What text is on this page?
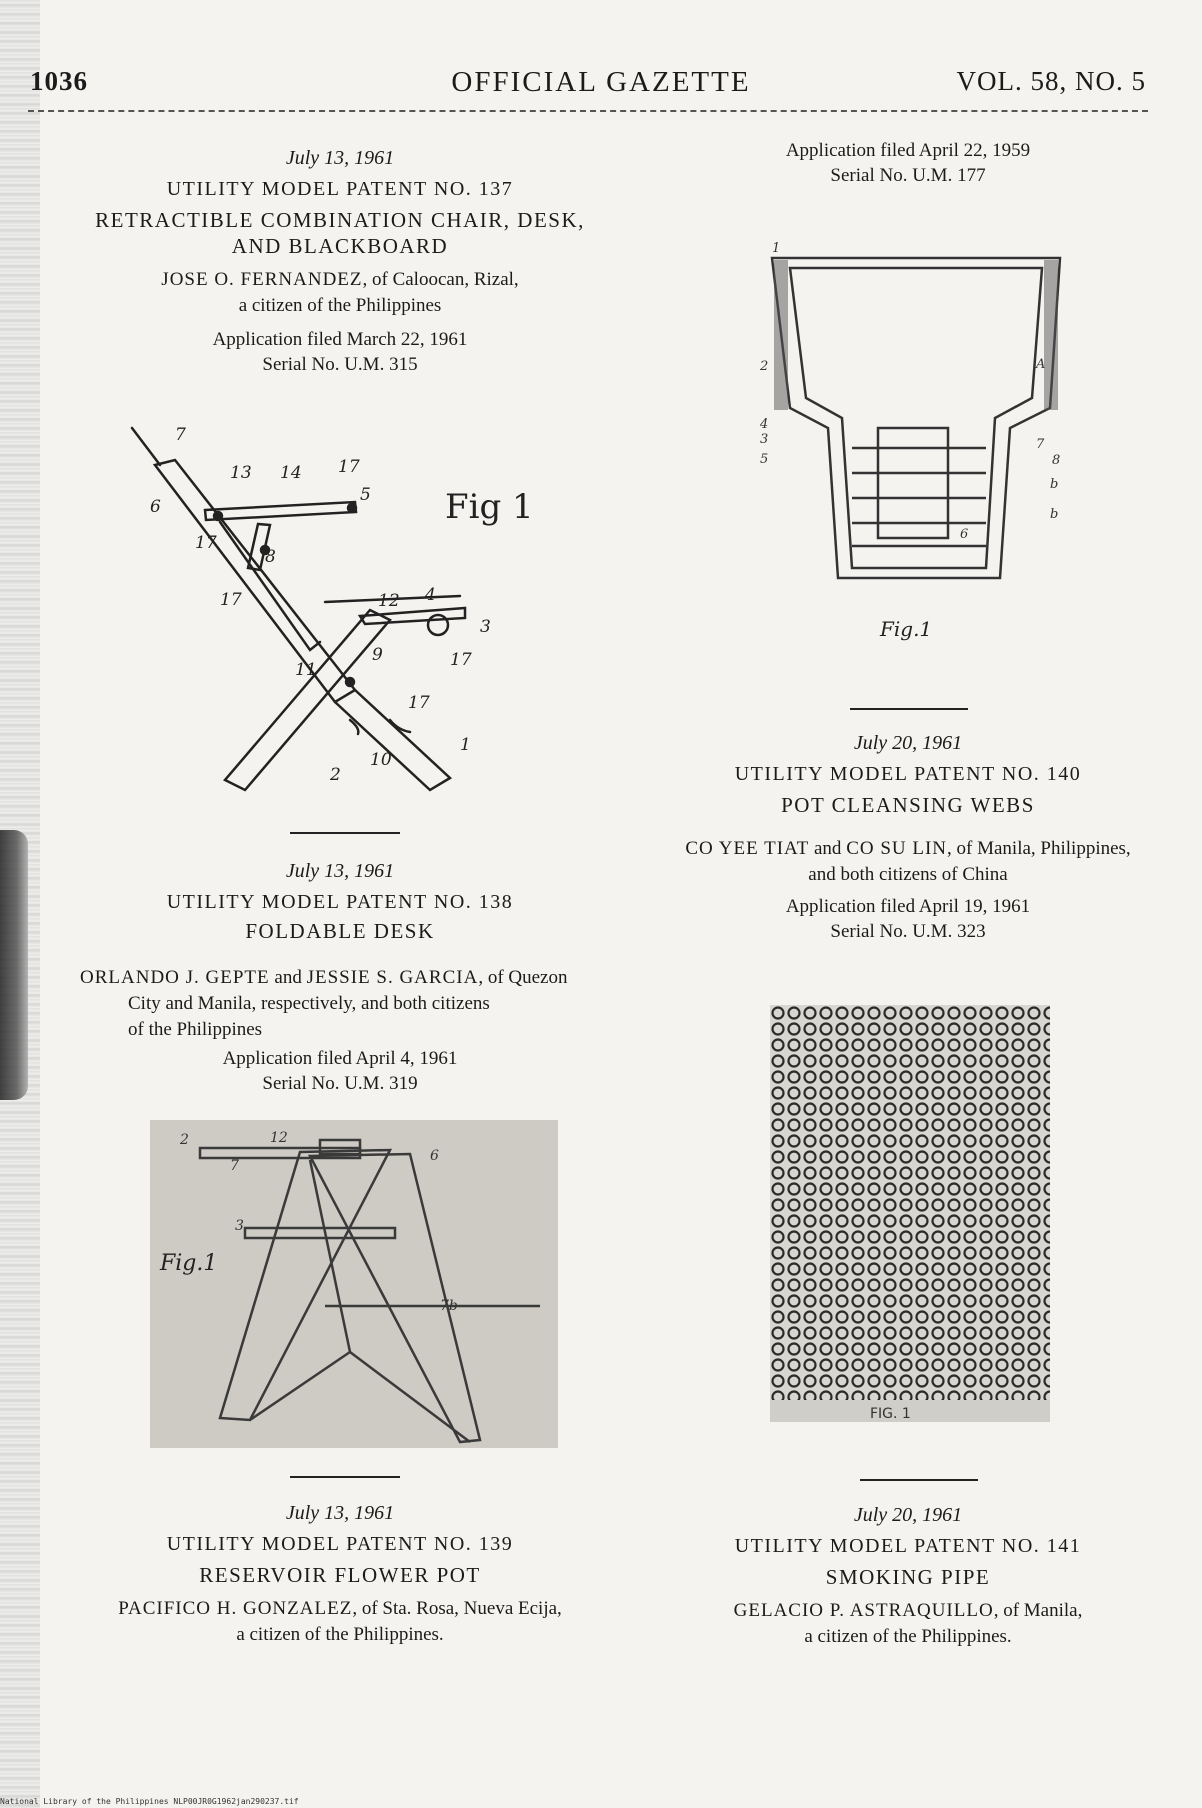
OFFICIAL GAZETTE
1036	VOL. 58, NO. 5

July 13, 1961

UTILITY MODEL PATENT NO. 137

RETRACTIBLE COMBINATION CHAIR, DESK,

AND BLACKBOARD

JOSE O. FERNANDEZ, of Caloocan, Rizal,

a citizen of the Philippines

Application filed March 22, 1961

Serial No. U.M. 315

7
6
17
13 14 17
5
8
17	12 4
3
11
9	17
17
10
2
1
Fig 1

July 13, 1961

UTILITY MODEL PATENT NO. 138

FOLDABLE DESK

ORLANDO J. GEPTE and JESSIE S. GARCIA, of Quezon
City and Manila, respectively, and both citizens
of the Philippines

Application filed April 4, 1961

Serial No. U.M. 319

2	12
7
6
3
7b
Fig.1

July 13, 1961

UTILITY MODEL PATENT NO. 139

RESERVOIR FLOWER POT

PACIFICO H. GONZALEZ, of Sta. Rosa, Nueva Ecija,

a citizen of the Philippines.

Application filed April 22, 1959

Serial No. U.M. 177

1
2
4
3
5
A
7
8
b
b
6
Fig.1

July 20, 1961

UTILITY MODEL PATENT NO. 140

POT CLEANSING WEBS

CO YEE TIAT and CO SU LIN, of Manila, Philippines,
and both citizens of China

Application filed April 19, 1961

Serial No. U.M. 323

FIG. 1

July 20, 1961

UTILITY MODEL PATENT NO. 141

SMOKING PIPE

GELACIO P. ASTRAQUILLO, of Manila,

a citizen of the Philippines.

National Library of the Philippines NLP00JR0G1962jan290237.tif
